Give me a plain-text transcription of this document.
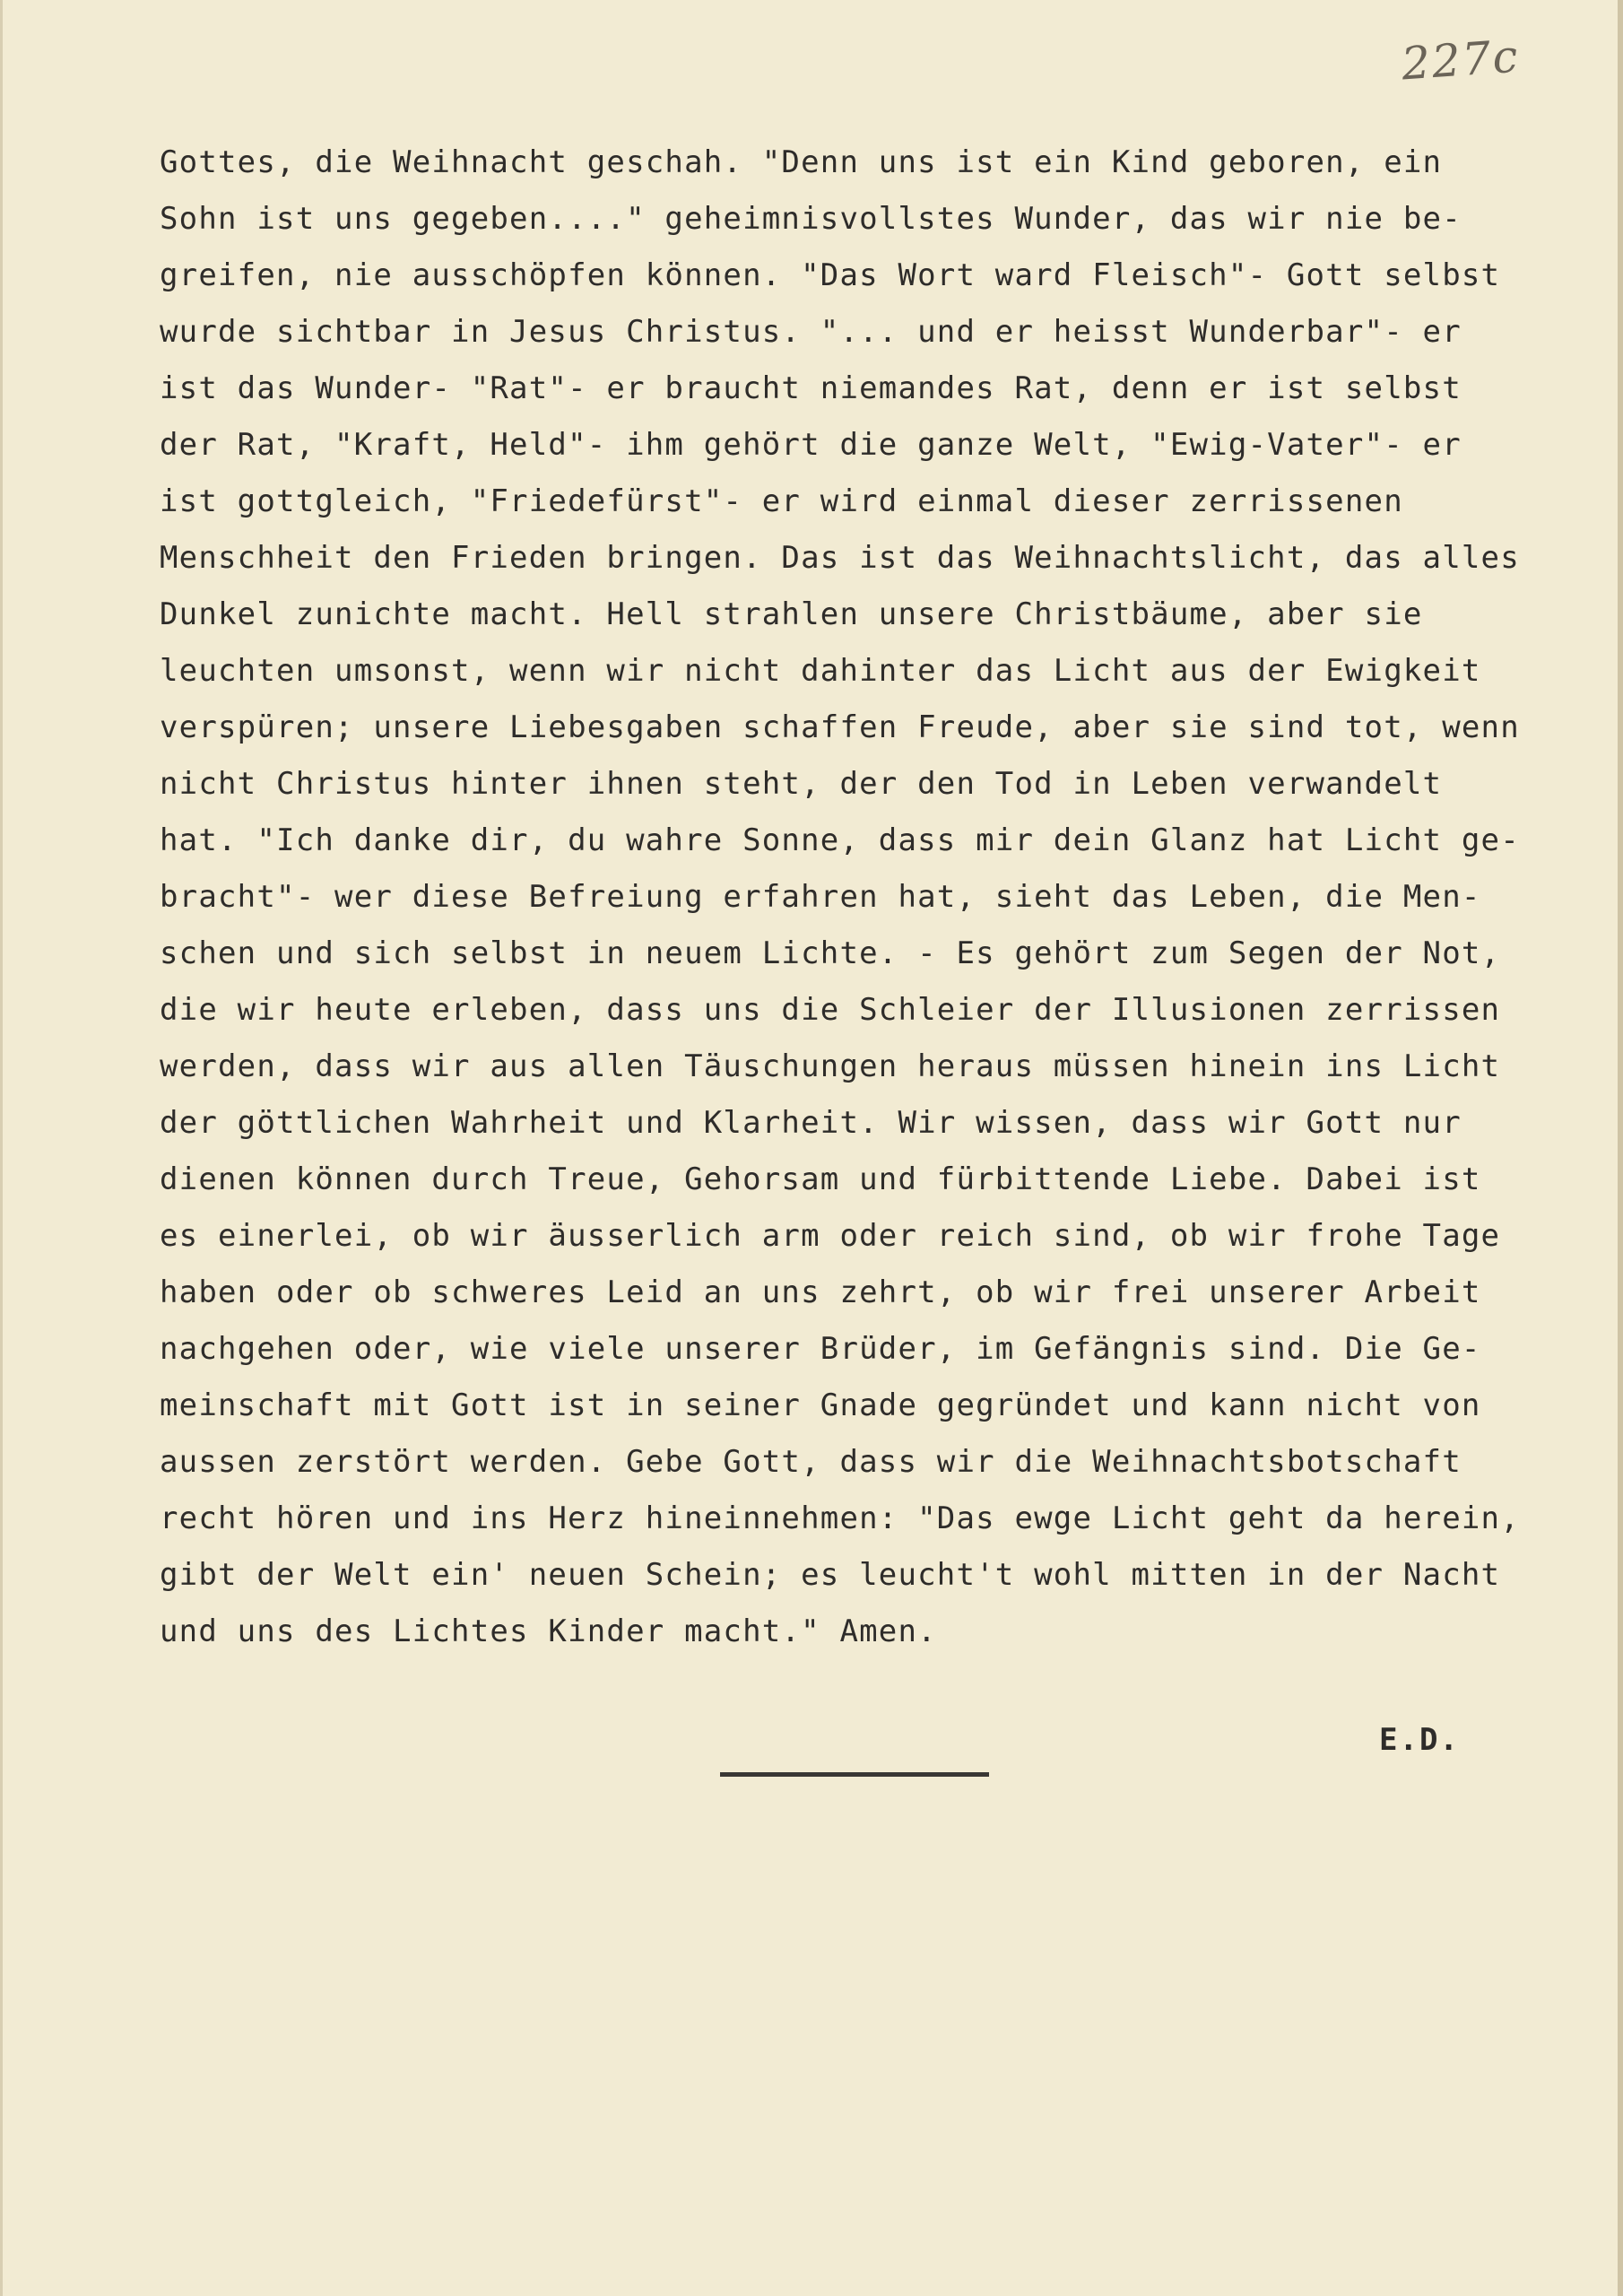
227c
Gottes, die Weihnacht geschah. "Denn uns ist ein Kind geboren, ein
Sohn ist uns gegeben...." geheimnisvollstes Wunder, das wir nie be-
greifen, nie ausschöpfen können. "Das Wort ward Fleisch"- Gott selbst
wurde sichtbar in Jesus Christus. "... und er heisst Wunderbar"- er
ist das Wunder- "Rat"- er braucht niemandes Rat, denn er ist selbst
der Rat, "Kraft, Held"- ihm gehört die ganze Welt, "Ewig-Vater"- er
ist gottgleich, "Friedefürst"- er wird einmal dieser zerrissenen
Menschheit den Frieden bringen. Das ist das Weihnachtslicht, das alles
Dunkel zunichte macht. Hell strahlen unsere Christbäume, aber sie
leuchten umsonst, wenn wir nicht dahinter das Licht aus der Ewigkeit
verspüren; unsere Liebesgaben schaffen Freude, aber sie sind tot, wenn
nicht Christus hinter ihnen steht, der den Tod in Leben verwandelt
hat. "Ich danke dir, du wahre Sonne, dass mir dein Glanz hat Licht ge-
bracht"- wer diese Befreiung erfahren hat, sieht das Leben, die Men-
schen und sich selbst in neuem Lichte. - Es gehört zum Segen der Not,
die wir heute erleben, dass uns die Schleier der Illusionen zerrissen
werden, dass wir aus allen Täuschungen heraus müssen hinein ins Licht
der göttlichen Wahrheit und Klarheit. Wir wissen, dass wir Gott nur
dienen können durch Treue, Gehorsam und fürbittende Liebe. Dabei ist
es einerlei, ob wir äusserlich arm oder reich sind, ob wir frohe Tage
haben oder ob schweres Leid an uns zehrt, ob wir frei unserer Arbeit
nachgehen oder, wie viele unserer Brüder, im Gefängnis sind. Die Ge-
meinschaft mit Gott ist in seiner Gnade gegründet und kann nicht von
aussen zerstört werden. Gebe Gott, dass wir die Weihnachtsbotschaft
recht hören und ins Herz hineinnehmen: "Das ewge Licht geht da herein,
gibt der Welt ein' neuen Schein; es leucht't wohl mitten in der Nacht
und uns des Lichtes Kinder macht." Amen.
E.D.
